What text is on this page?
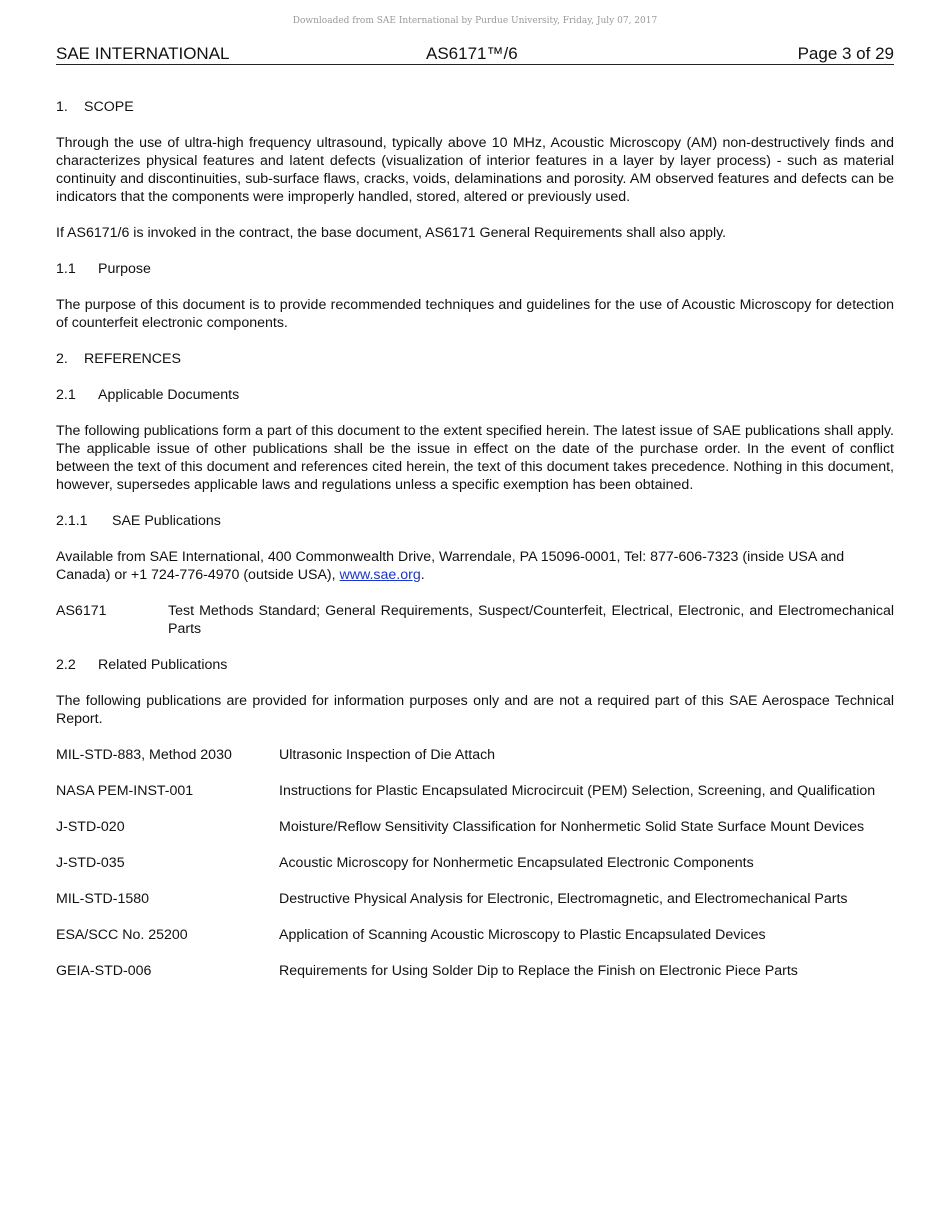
Downloaded from SAE International by Purdue University, Friday, July 07, 2017
SAE INTERNATIONAL	AS6171™/6	Page 3 of 29
1. SCOPE

Through the use of ultra-high frequency ultrasound, typically above 10 MHz, Acoustic Microscopy (AM) non-destructively finds and characterizes physical features and latent defects (visualization of interior features in a layer by layer process) - such as material continuity and discontinuities, sub-surface flaws, cracks, voids, delaminations and porosity. AM observed features and defects can be indicators that the components were improperly handled, stored, altered or previously used.

If AS6171/6 is invoked in the contract, the base document, AS6171 General Requirements shall also apply.

1.1 Purpose

The purpose of this document is to provide recommended techniques and guidelines for the use of Acoustic Microscopy for detection of counterfeit electronic components.

2. REFERENCES
2.1 Applicable Documents

The following publications form a part of this document to the extent specified herein. The latest issue of SAE publications shall apply. The applicable issue of other publications shall be the issue in effect on the date of the purchase order. In the event of conflict between the text of this document and references cited herein, the text of this document takes precedence. Nothing in this document, however, supersedes applicable laws and regulations unless a specific exemption has been obtained.

2.1.1 SAE Publications

Available from SAE International, 400 Commonwealth Drive, Warrendale, PA 15096-0001, Tel: 877-606-7323 (inside USA and Canada) or +1 724-776-4970 (outside USA), www.sae.org.

AS6171	Test Methods Standard; General Requirements, Suspect/Counterfeit, Electrical, Electronic, and Electromechanical Parts
2.2 Related Publications

The following publications are provided for information purposes only and are not a required part of this SAE Aerospace Technical Report.

MIL-STD-883, Method 2030	Ultrasonic Inspection of Die Attach
NASA PEM-INST-001	Instructions for Plastic Encapsulated Microcircuit (PEM) Selection, Screening, and Qualification
J-STD-020	Moisture/Reflow Sensitivity Classification for Nonhermetic Solid State Surface Mount Devices
J-STD-035	Acoustic Microscopy for Nonhermetic Encapsulated Electronic Components
MIL-STD-1580	Destructive Physical Analysis for Electronic, Electromagnetic, and Electromechanical Parts
ESA/SCC No. 25200	Application of Scanning Acoustic Microscopy to Plastic Encapsulated Devices
GEIA-STD-006	Requirements for Using Solder Dip to Replace the Finish on Electronic Piece Parts
